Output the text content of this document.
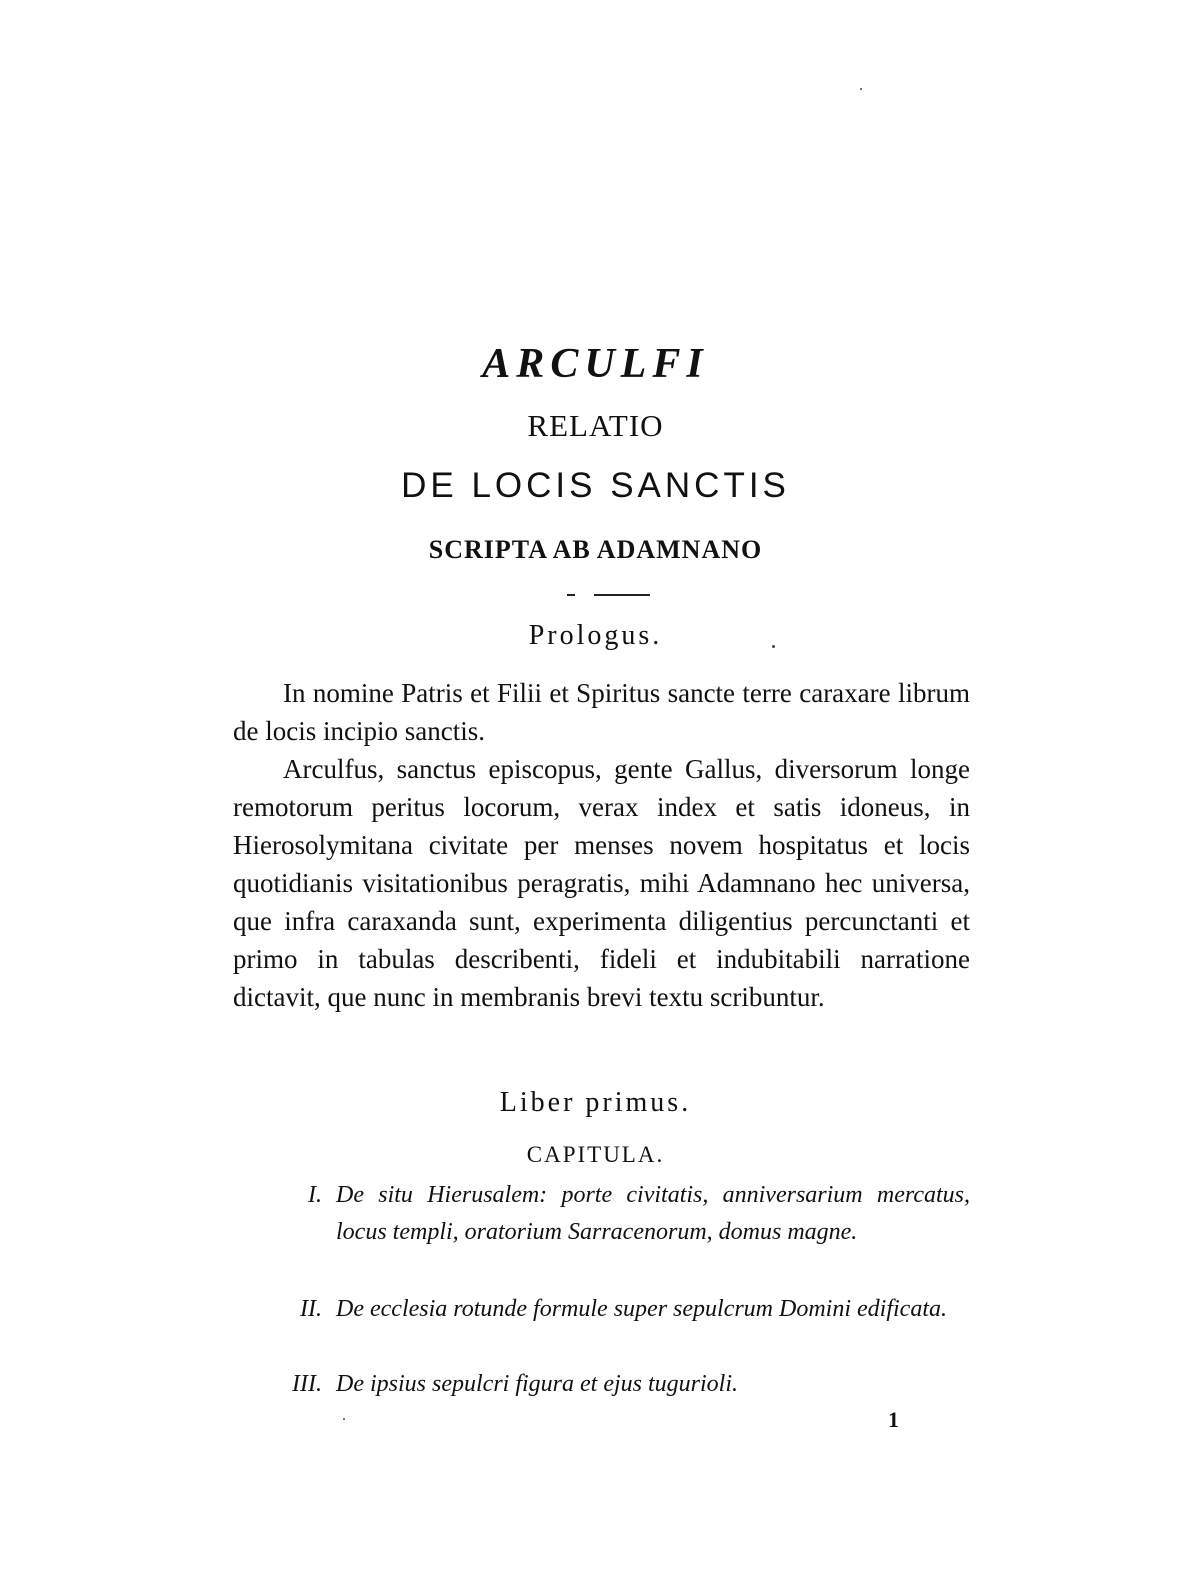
ARCULFI
RELATIO
DE LOCIS SANCTIS
SCRIPTA AB ADAMNANO
Prologus.

In nomine Patris et Filii et Spiritus sancte terre caraxare librum de locis incipio sanctis.

Arculfus, sanctus episcopus, gente Gallus, diversorum longe remotorum peritus locorum, verax index et satis idoneus, in Hierosolymitana civitate per menses novem hospitatus et locis quotidianis visitationibus peragratis, mihi Adamnano hec universa, que infra caraxanda sunt, experimenta diligentius percunctanti et primo in tabulas describenti, fideli et indubitabili narratione dictavit, que nunc in membranis brevi textu scribuntur.

Liber primus.
CAPITULA.
I. De situ Hierusalem: porte civitatis, anniversarium mercatus, locus templi, oratorium Sarracenorum, domus magne.
II. De ecclesia rotunde formule super sepulcrum Domini edificata.
III. De ipsius sepulcri figura et ejus tugurioli.
1
